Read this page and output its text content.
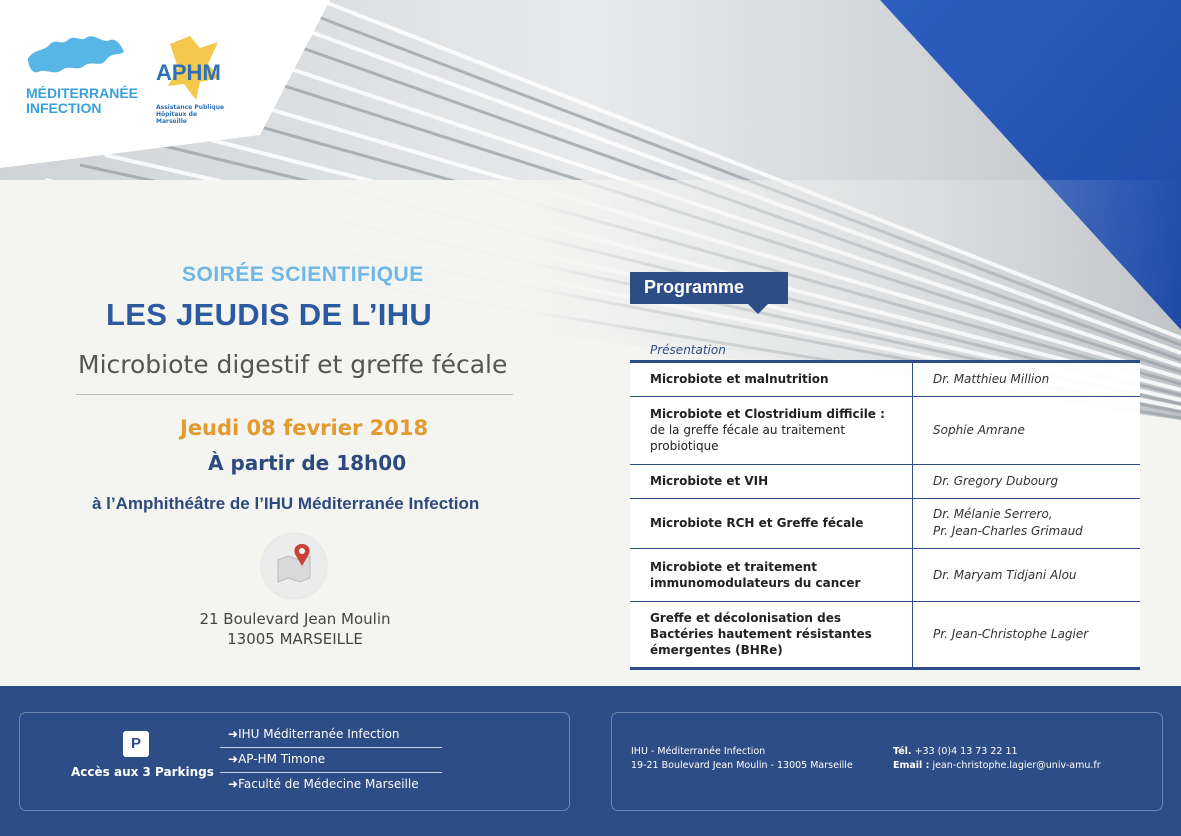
MÉDITERRANÉE
INFECTION
APHM
Assistance Publique Hôpitaux de Marseille
SOIRÉE SCIENTIFIQUE
LES JEUDIS DE L’IHU
Microbiote digestif et greffe fécale
Jeudi 08 fevrier 2018
À partir de 18h00
à l’Amphithéâtre de l’IHU Méditerranée Infection
21 Boulevard Jean Moulin
13005 MARSEILLE
Programme
Présentation
Microbiote et malnutrition	Dr. Matthieu Million

Microbiote et Clostridium difficile :
de la greffe fécale au traitement probiotique	Sophie Amrane
Microbiote et VIH	Dr. Gregory Dubourg
Microbiote RCH et Greffe fécale	Dr. Mélanie Serrero,
Pr. Jean-Charles Grimaud
Microbiote et traitement immunomodulateurs du cancer	Dr. Maryam Tidjani Alou
Greffe et décolonisation des Bactéries hautement résistantes émergentes (BHRe)	Pr. Jean-Christophe Lagier
P
Accès aux 3 Parkings
➜IHU Méditerranée Infection
➜AP-HM Timone
➜Faculté de Médecine Marseille
IHU - Méditerranée Infection
19-21 Boulevard Jean Moulin - 13005 Marseille
Tél. +33 (0)4 13 73 22 11
Email : jean-christophe.lagier@univ-amu.fr
